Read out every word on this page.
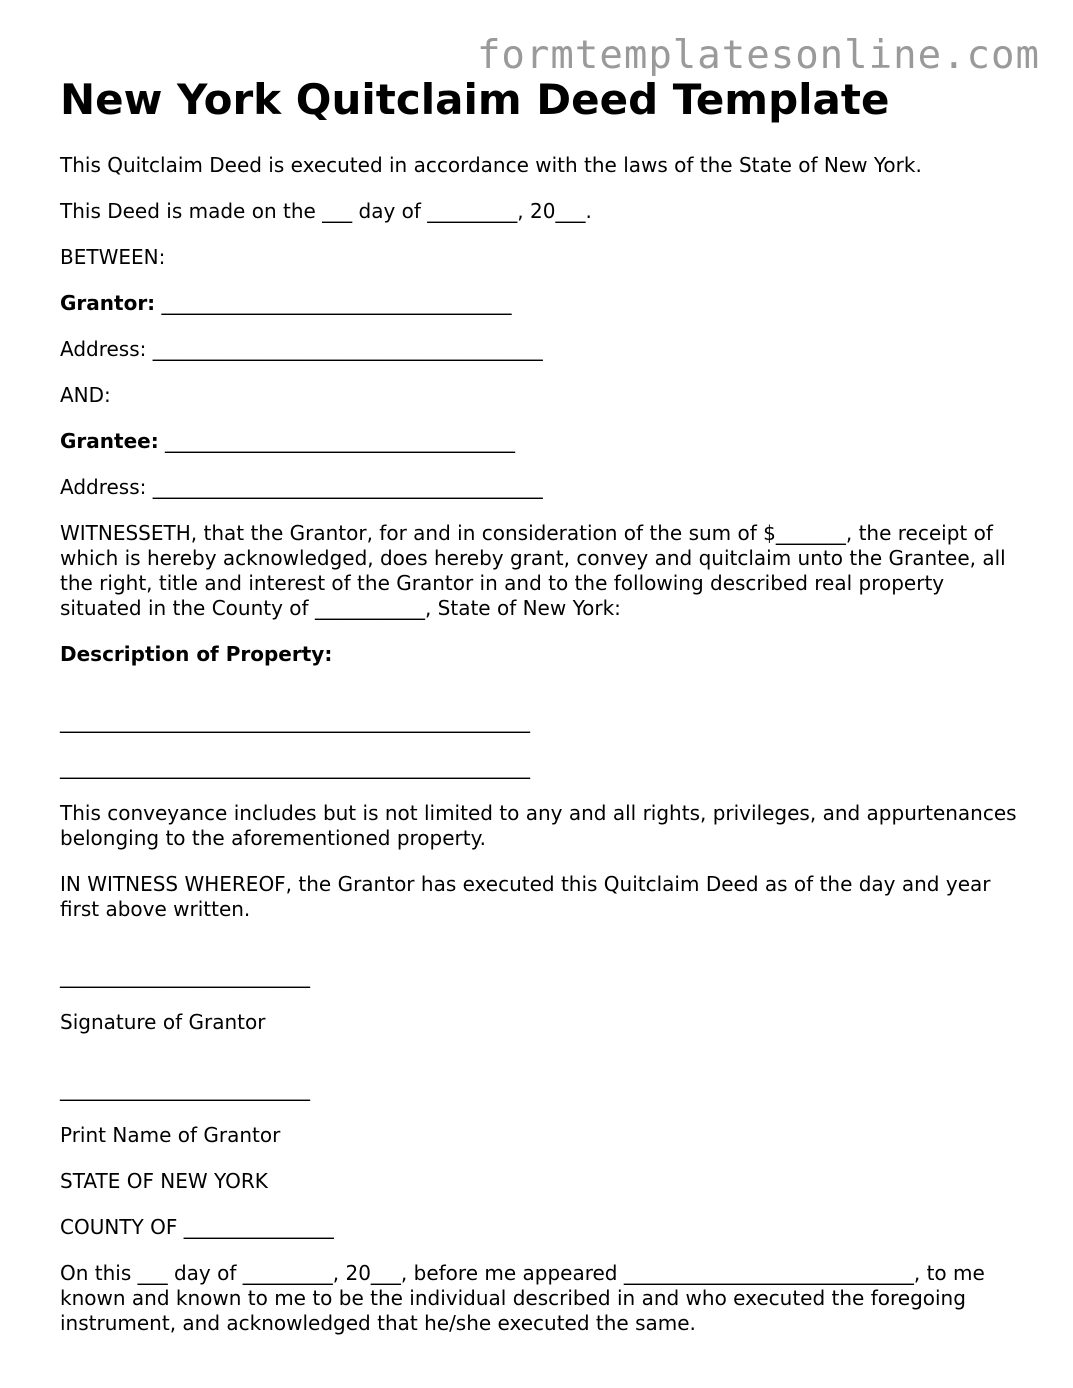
formtemplatesonline.com
New York Quitclaim Deed Template

This Quitclaim Deed is executed in accordance with the laws of the State of New York.

This Deed is made on the ___ day of _________, 20___.

BETWEEN:

Grantor: ___________________________________

Address: _______________________________________

AND:

Grantee: ___________________________________

Address: _______________________________________

WITNESSETH, that the Grantor, for and in consideration of the sum of $_______, the receipt of which is hereby acknowledged, does hereby grant, convey and quitclaim unto the Grantee, all the right, title and interest of the Grantor in and to the following described real property situated in the County of ___________, State of New York:

Description of Property:

_______________________________________________

_______________________________________________

This conveyance includes but is not limited to any and all rights, privileges, and appurtenances belonging to the aforementioned property.

IN WITNESS WHEREOF, the Grantor has executed this Quitclaim Deed as of the day and year first above written.

_________________________

Signature of Grantor

_________________________

Print Name of Grantor

STATE OF NEW YORK

COUNTY OF _______________

On this ___ day of _________, 20___, before me appeared _____________________________, to me known and known to me to be the individual described in and who executed the foregoing instrument, and acknowledged that he/she executed the same.
